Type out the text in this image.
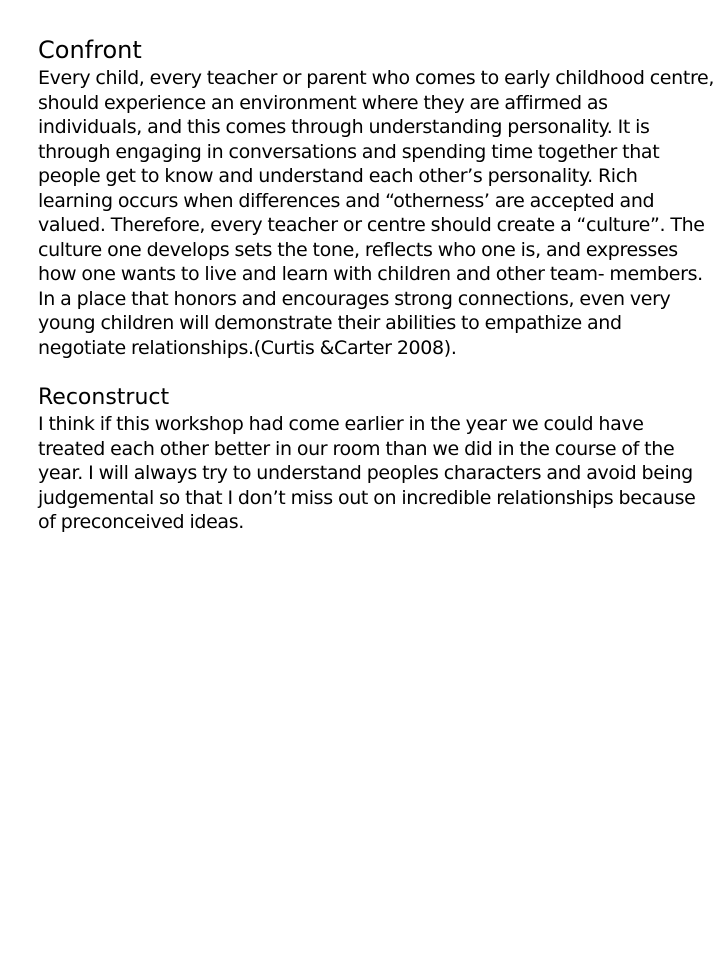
Confront

Every child, every teacher or parent who comes to early childhood centre, should experience an environment where they are affirmed as individuals, and this comes through understanding personality. It is through engaging in conversations and spending time together that people get to know and understand each other’s personality. Rich learning occurs when differences and “otherness’ are accepted and valued. Therefore, every teacher or centre should create a “culture”. The culture one develops sets the tone, reflects who one is, and expresses how one wants to live and learn with children and other team- members. In a place that honors and encourages strong connections, even very young children will demonstrate their abilities to empathize and negotiate relationships.(Curtis &Carter 2008).

Reconstruct

I think if this workshop had come earlier in the year we could have treated each other better in our room than we did in the course of the year. I will always try to understand peoples characters and avoid being judgemental so that I don’t miss out on incredible relationships because of preconceived ideas.
